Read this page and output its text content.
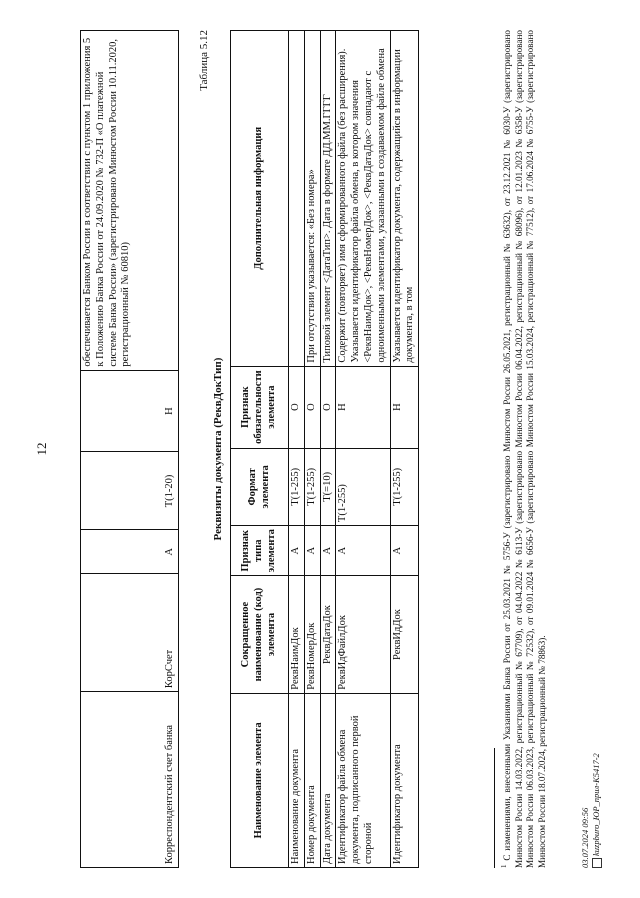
12
Корреспондентский счет банка	КорСчет	А	Т(1-20)	Н	обеспечивается Банком России в соответствии с пунктом 1 приложения 5 к Положению Банка России от 24.09.2020 № 732-П «О платежной системе Банка России» (зарегистрировано Минюстом России 10.11.2020, регистрационный № 60810)
Таблица 5.12
Реквизиты документа (РеквДокТип)
Наименование элемента	Сокращенное наименование (код) элемента	Признак типа элемента	Формат элемента	Признак обязательности элемента	Дополнительная информация
Наименование документа	РеквНаимДок	А	Т(1-255)	О	
Номер документа	РеквНомерДок	А	Т(1-255)	О	При отсутствии указывается: «Без номера»
Дата документа	РеквДатаДок	А	T(=10)	О	Типовой элемент <ДатаТип>. Дата в формате ДД.ММ.ГГГГ
Идентификатор файла обмена документа, подписанного первой стороной	РеквИдФайлДок	А	Т(1-255)	Н	Содержит (повторяет) имя сформированного файла (без расширения). Указывается идентификатор файла обмена, в котором значения <РеквНаимДок>, <РеквНомерДок>, <РеквДатаДок> совпадают с одноименными элементами, указанными в создаваемом файле обмена
Идентификатор документа	РеквИдДок	А	Т(1-255)	Н	Указывается идентификатор документа, содержащийся в информации документа, в том
$^1$ С изменениями, внесенными Указаниями Банка России от 25.03.2021 № 5756-У (зарегистрировано Минюстом России 26.05.2021, регистрационный № 63632), от 23.12.2021 № 6030-У (зарегистрировано Минюстом России 14.03.2022, регистрационный № 67709), от 04.04.2022 № 6113-У (зарегистрировано Минюстом России 06.04.2022, регистрационный № 68096), от 12.01.2023 № 6358-У (зарегистрировано Минюстом России 06.03.2023, регистрационный № 72532), от 09.01.2024 № 6656-У (зарегистрировано Минюстом России 15.03.2024, регистрационный № 77512), от 17.06.2024 № 6755-У (зарегистрировано Минюстом России 18.07.2024, регистрационный № 78863).	03.07.2024 09:56 kuzpburo_ЮР_прил-К5417-2
